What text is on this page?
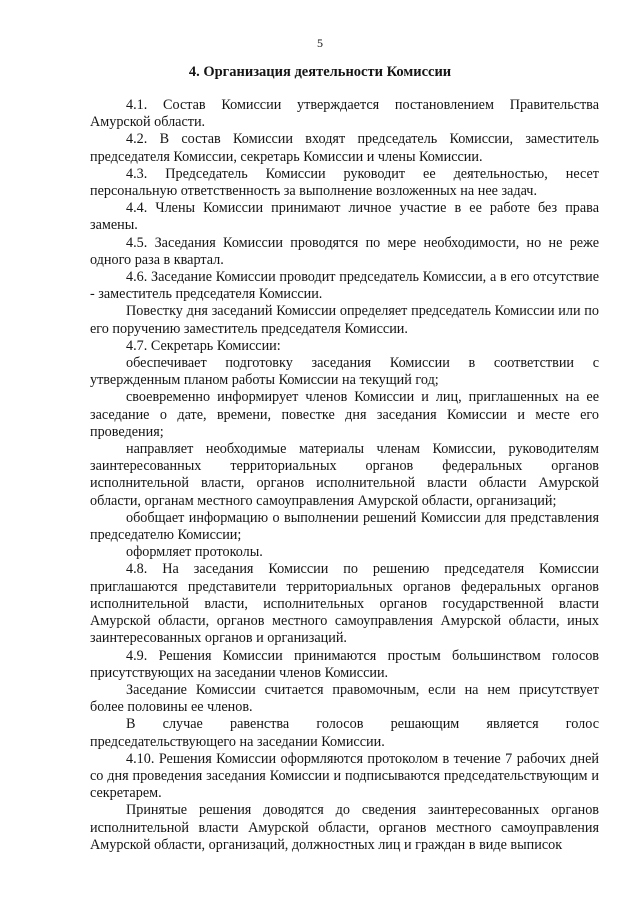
5
4. Организация деятельности Комиссии

4.1. Состав Комиссии утверждается постановлением Правительства Амурской области.

4.2. В состав Комиссии входят председатель Комиссии, заместитель председателя Комиссии, секретарь Комиссии и члены Комиссии.

4.3. Председатель Комиссии руководит ее деятельностью, несет персональную ответственность за выполнение возложенных на нее задач.

4.4. Члены Комиссии принимают личное участие в ее работе без права замены.

4.5. Заседания Комиссии проводятся по мере необходимости, но не реже одного раза в квартал.

4.6. Заседание Комиссии проводит председатель Комиссии, а в его отсутствие - заместитель председателя Комиссии.

Повестку дня заседаний Комиссии определяет председатель Комиссии или по его поручению заместитель председателя Комиссии.

4.7. Секретарь Комиссии:

обеспечивает подготовку заседания Комиссии в соответствии с утвержденным планом работы Комиссии на текущий год;

своевременно информирует членов Комиссии и лиц, приглашенных на ее заседание о дате, времени, повестке дня заседания Комиссии и месте его проведения;

направляет необходимые материалы членам Комиссии, руководителям заинтересованных территориальных органов федеральных органов исполнительной власти, органов исполнительной власти области Амурской области, органам местного самоуправления Амурской области, организаций;

обобщает информацию о выполнении решений Комиссии для представления председателю Комиссии;

оформляет протоколы.

4.8. На заседания Комиссии по решению председателя Комиссии приглашаются представители территориальных органов федеральных органов исполнительной власти, исполнительных органов государственной власти Амурской области, органов местного самоуправления Амурской области, иных заинтересованных органов и организаций.

4.9. Решения Комиссии принимаются простым большинством голосов присутствующих на заседании членов Комиссии.

Заседание Комиссии считается правомочным, если на нем присутствует более половины ее членов.

В случае равенства голосов решающим является голос председательствующего на заседании Комиссии.

4.10. Решения Комиссии оформляются протоколом в течение 7 рабочих дней со дня проведения заседания Комиссии и подписываются председательствующим и секретарем.

Принятые решения доводятся до сведения заинтересованных органов исполнительной власти Амурской области, органов местного самоуправления Амурской области, организаций, должностных лиц и граждан в виде выписок
